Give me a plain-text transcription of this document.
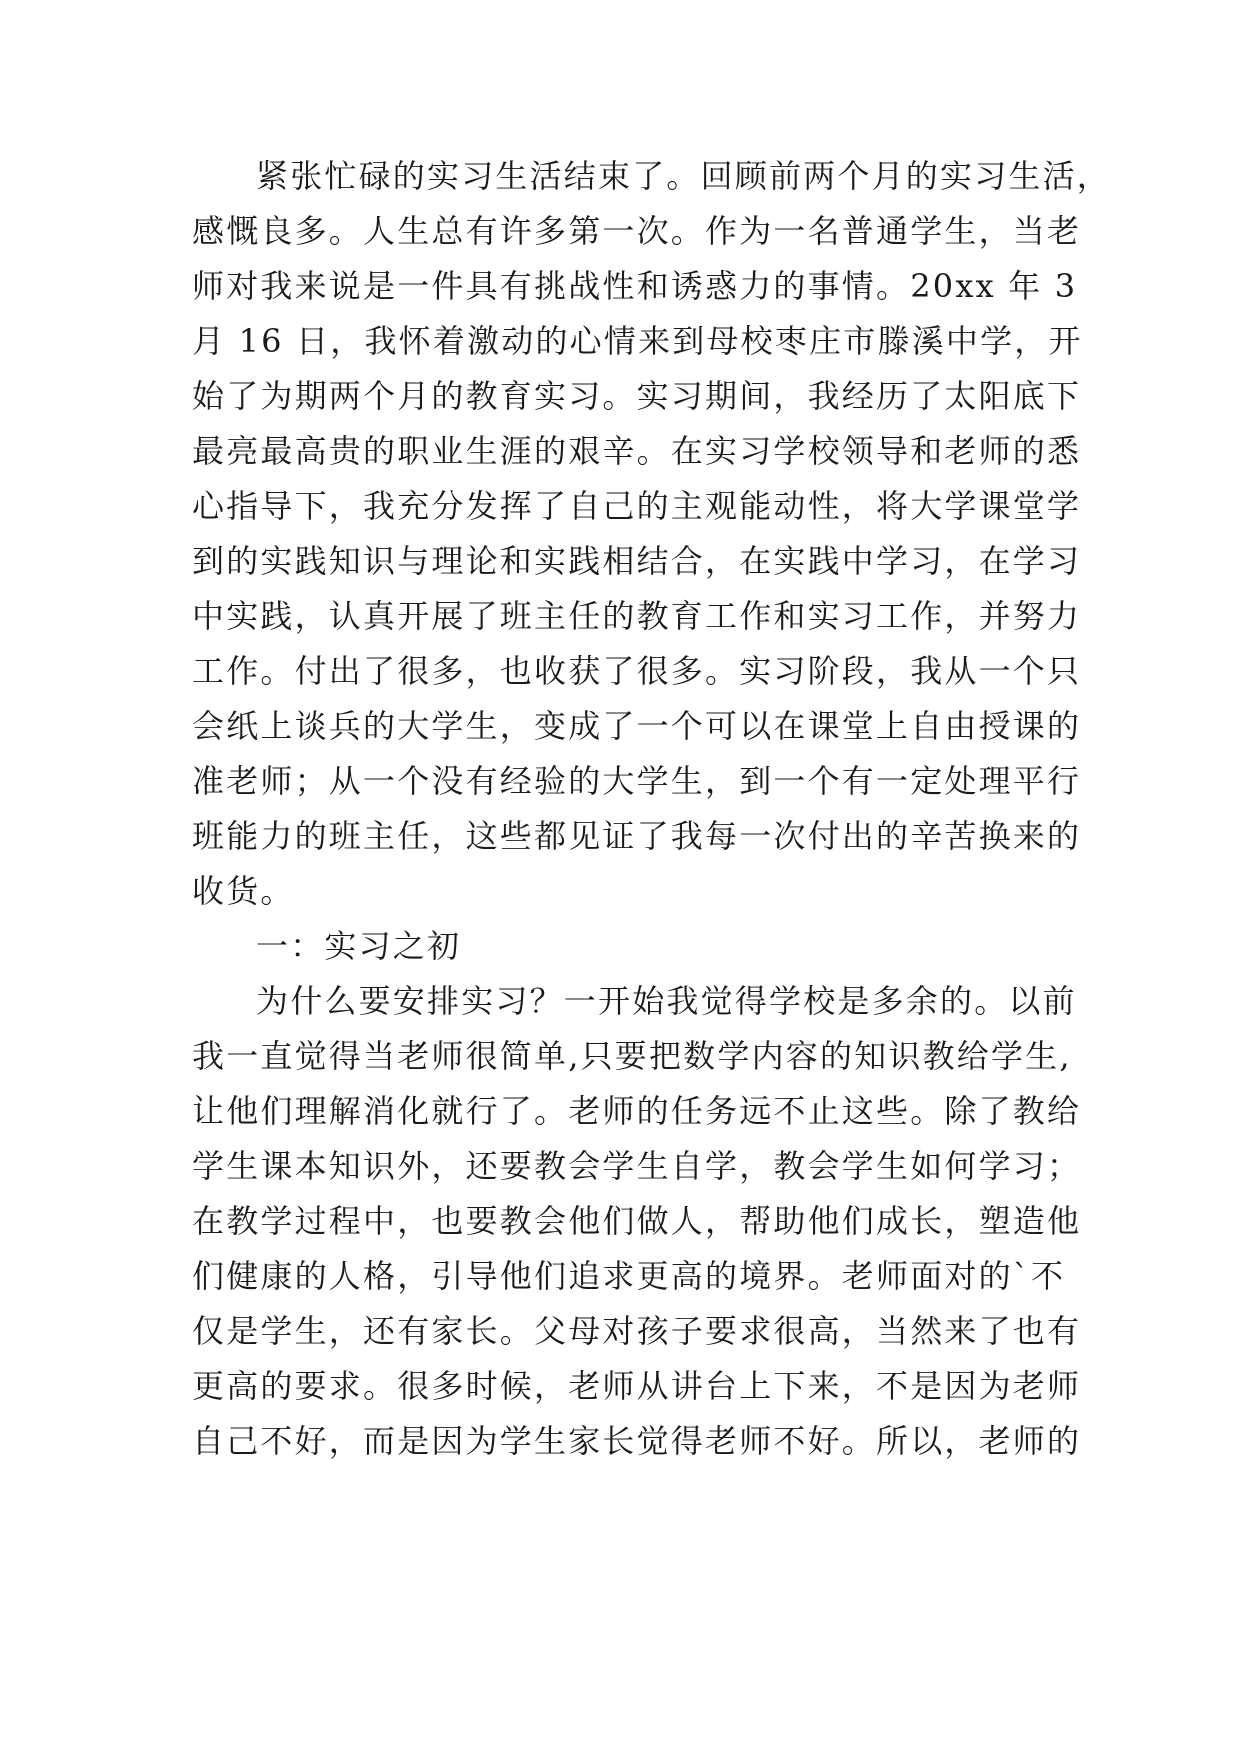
紧张忙碌的实习生活结束了。回顾前两个月的实习生活，
感慨良多。人生总有许多第一次。作为一名普通学生，当老
师对我来说是一件具有挑战性和诱惑力的事情。20xx 年 3
月 16 日，我怀着激动的心情来到母校枣庄市滕溪中学，开
始了为期两个月的教育实习。实习期间，我经历了太阳底下
最亮最高贵的职业生涯的艰辛。在实习学校领导和老师的悉
心指导下，我充分发挥了自己的主观能动性，将大学课堂学
到的实践知识与理论和实践相结合，在实践中学习，在学习
中实践，认真开展了班主任的教育工作和实习工作，并努力
工作。付出了很多，也收获了很多。实习阶段，我从一个只
会纸上谈兵的大学生，变成了一个可以在课堂上自由授课的
准老师；从一个没有经验的大学生，到一个有一定处理平行
班能力的班主任，这些都见证了我每一次付出的辛苦换来的
收货。
一：实习之初
为什么要安排实习？一开始我觉得学校是多余的。以前
我一直觉得当老师很简单,只要把数学内容的知识教给学生,
让他们理解消化就行了。老师的任务远不止这些。除了教给
学生课本知识外，还要教会学生自学，教会学生如何学习；
在教学过程中，也要教会他们做人，帮助他们成长，塑造他
们健康的人格，引导他们追求更高的境界。老师面对的`不
仅是学生，还有家长。父母对孩子要求很高，当然来了也有
更高的要求。很多时候，老师从讲台上下来，不是因为老师
自己不好，而是因为学生家长觉得老师不好。所以，老师的
